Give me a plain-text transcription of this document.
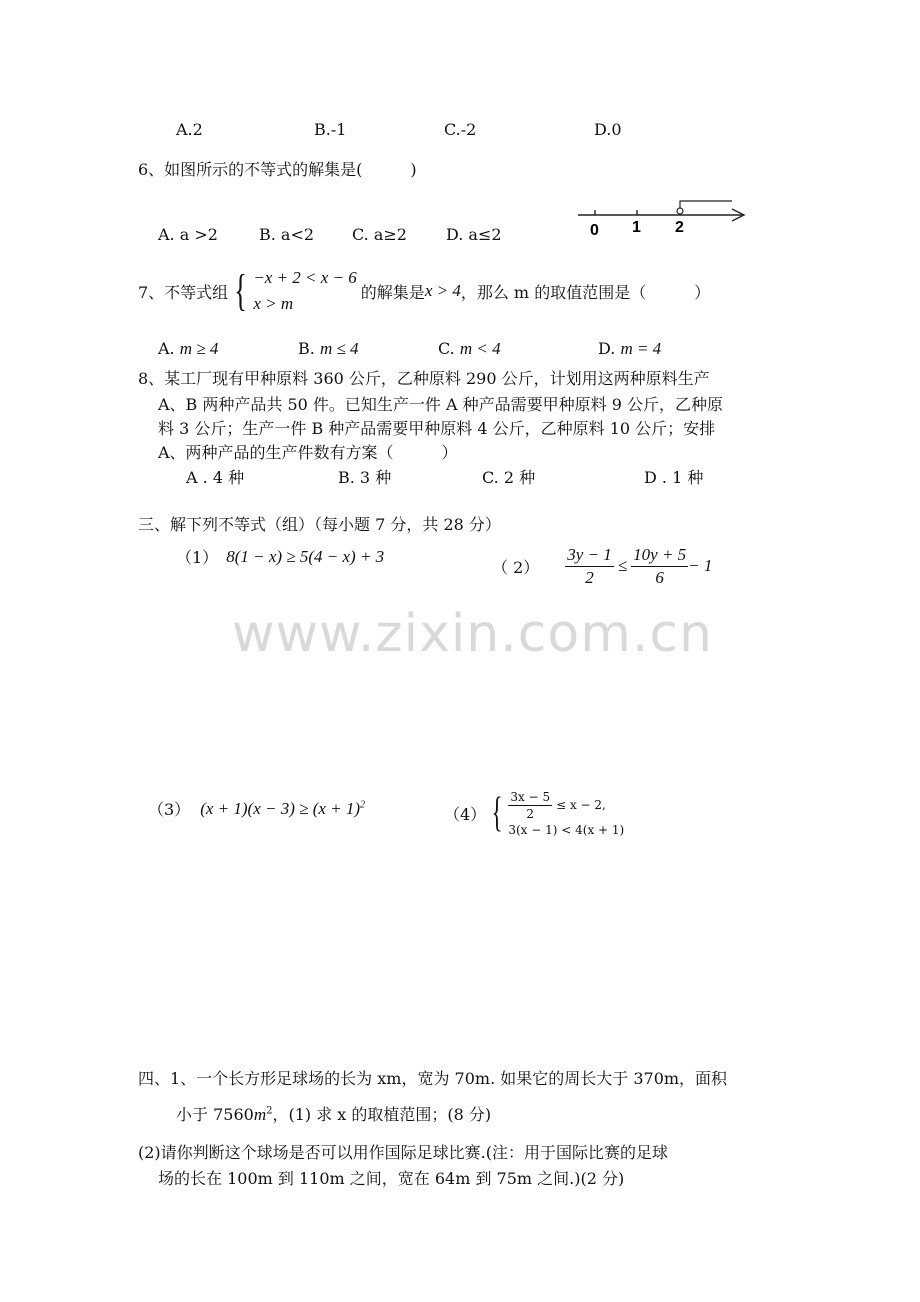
A.2	B.-1	C.-2	D.0
6、如图所示的不等式的解集是(　　　)
A. a >2	B. a<2 C. a≥2 D. a≤2	0 1 2
7、不等式组 { −x + 2 < x − 6
x > m
的解集是 x > 4 ，那么 m 的取值范围是（　　　）
A. m ≥ 4	B. m ≤ 4	C. m < 4	D. m = 4
8、某工厂现有甲种原料 360 公斤，乙种原料 290 公斤，计划用这两种原料生产
A、B 两种产品共 50 件。已知生产一件 A 种产品需要甲种原料 9 公斤，乙种原
料 3 公斤；生产一件 B 种产品需要甲种原料 4 公斤，乙种原料 10 公斤；安排
A、两种产品的生产件数有方案（　　　）
A . 4 种	B. 3 种	C. 2 种	D . 1 种
三、解下列不等式（组）（每小题 7 分，共 28 分）
（1） 8(1 − x) ≥ 5(4 − x) + 3
（ $2) \frac{3y - 1}{2} \le \frac{10y + 5}{6} - 1$
www.zixin.com.cn
（3） $(x + 1)(x - 3) \ge (x + 1)^2$
（4） { $\frac{3x - 5}{2} \le x - 2$,
3(x − 1) < 4(x + 1)
四、1、一个长方形足球场的长为 xm，宽为 70m. 如果它的周长大于 370m，面积
小于 $7560m^2$，(1) 求 x 的取植范围；(8 分)
(2)请你判断这个球场是否可以用作国际足球比赛.(注：用于国际比赛的足球
场的长在 100m 到 110m 之间，宽在 64m 到 75m 之间.)(2 分)
